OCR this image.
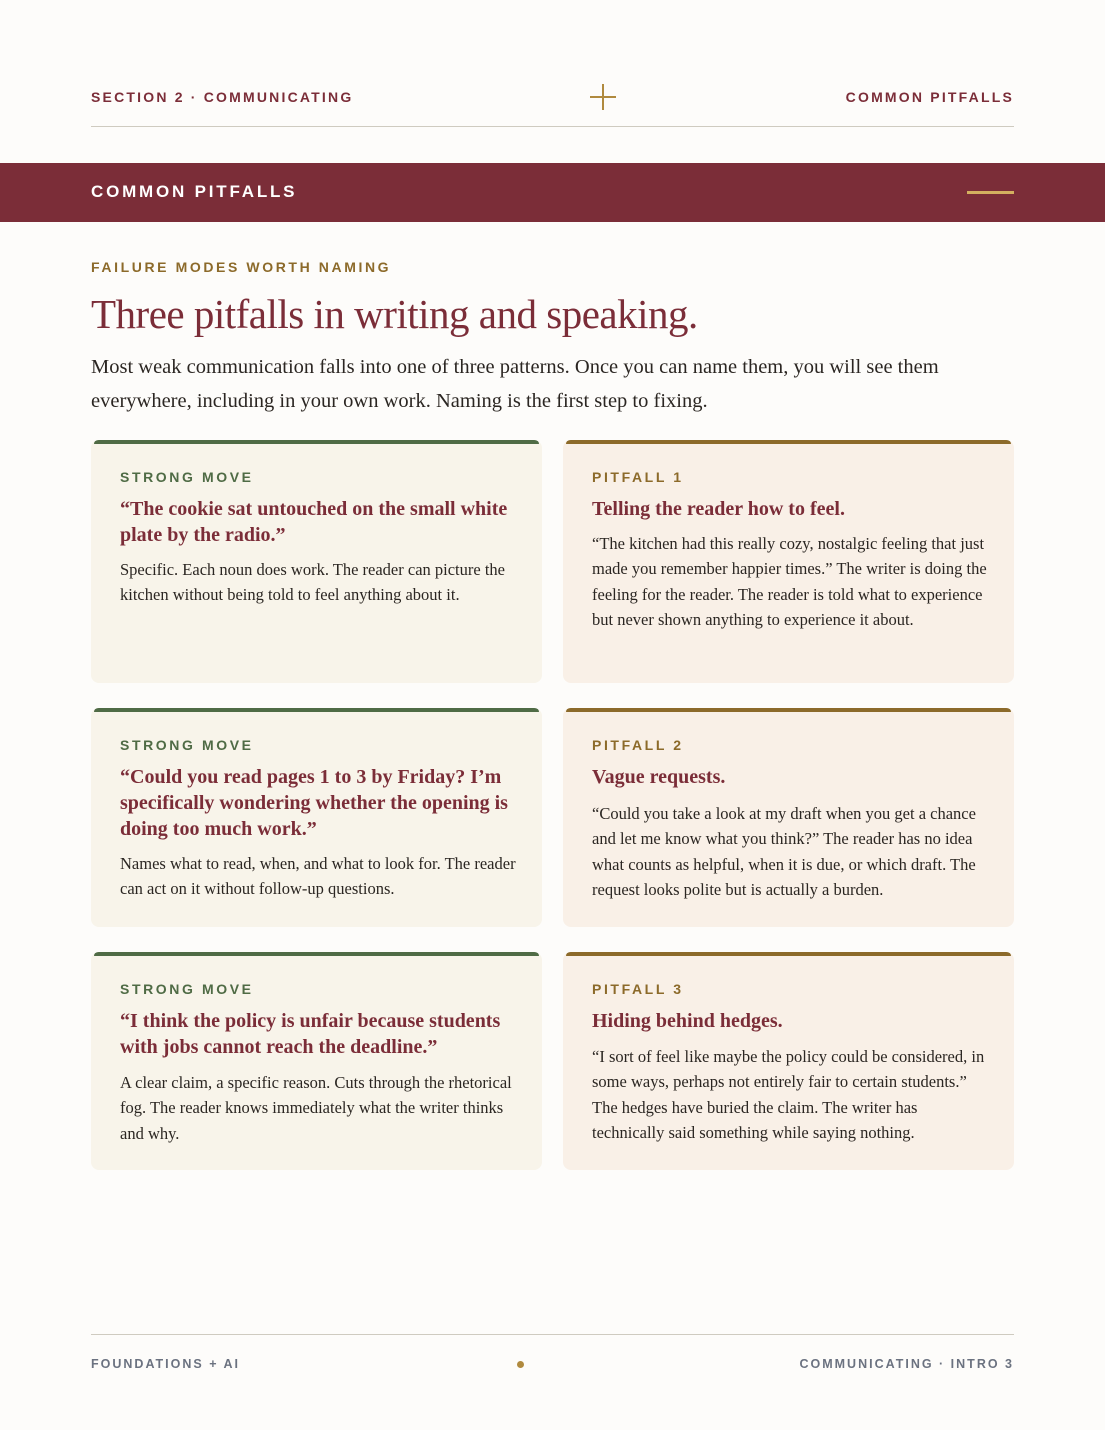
SECTION 2 · COMMUNICATING	COMMON PITFALLS
COMMON PITFALLS
FAILURE MODES WORTH NAMING
Three pitfalls in writing and speaking.

Most weak communication falls into one of three patterns. Once you can name them, you will see them everywhere, including in your own work. Naming is the first step to fixing.

STRONG MOVE
“The cookie sat untouched on the small white plate by the radio.”
Specific. Each noun does work. The reader can picture the kitchen without being told to feel anything about it.
PITFALL 1
Telling the reader how to feel.
“The kitchen had this really cozy, nostalgic feeling that just made you remember happier times.” The writer is doing the feeling for the reader. The reader is told what to experience but never shown anything to experience it about.
STRONG MOVE
“Could you read pages 1 to 3 by Friday? I’m specifically wondering whether the opening is doing too much work.”
Names what to read, when, and what to look for. The reader can act on it without follow-up questions.
PITFALL 2
Vague requests.
“Could you take a look at my draft when you get a chance and let me know what you think?” The reader has no idea what counts as helpful, when it is due, or which draft. The request looks polite but is actually a burden.
STRONG MOVE
“I think the policy is unfair because students with jobs cannot reach the deadline.”
A clear claim, a specific reason. Cuts through the rhetorical fog. The reader knows immediately what the writer thinks and why.
PITFALL 3
Hiding behind hedges.
“I sort of feel like maybe the policy could be considered, in some ways, perhaps not entirely fair to certain students.” The hedges have buried the claim. The writer has technically said something while saying nothing.
FOUNDATIONS + AI	COMMUNICATING · INTRO 3
